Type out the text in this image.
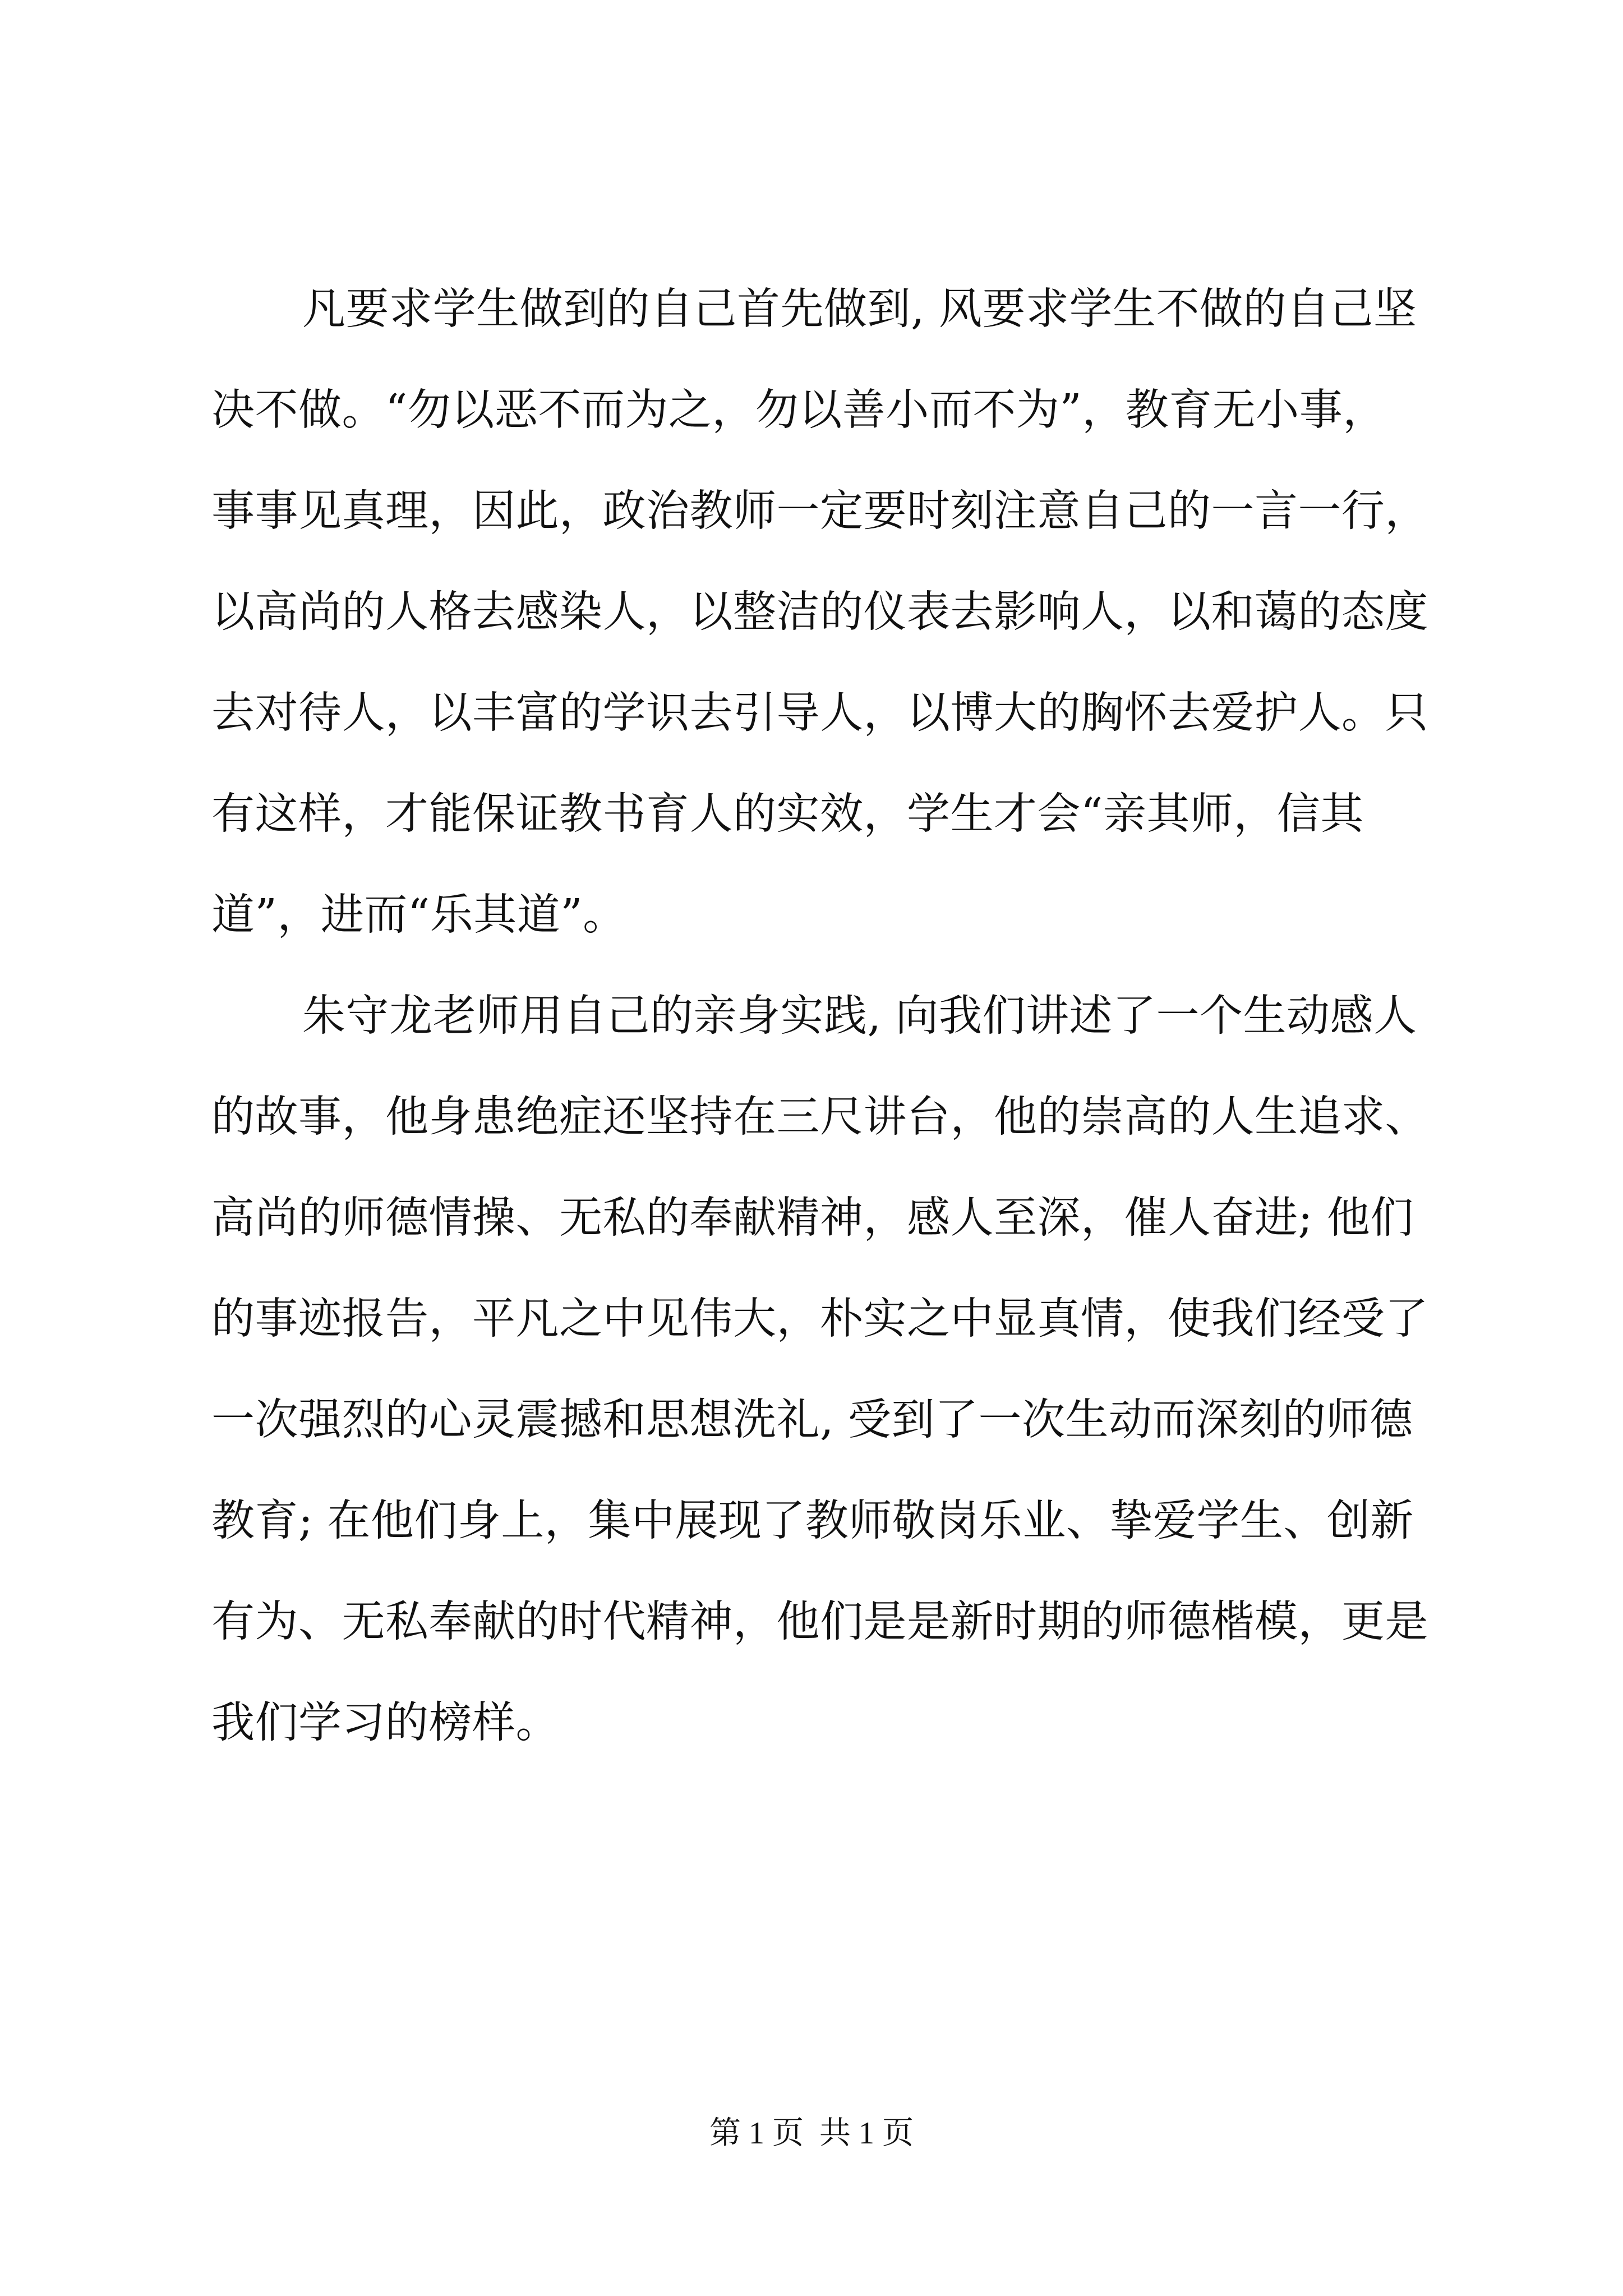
凡要求学生做到的自己首先做到, 风要求学生不做的自己坚
决不做。“勿以恶不而为之，勿以善小而不为”，教育无小事，
事事见真理，因此，政治教师一定要时刻注意自己的一言一行，
以高尚的人格去感染人，以整洁的仪表去影响人，以和蔼的态度
去对待人，以丰富的学识去引导人，以博大的胸怀去爱护人。只
有这样，才能保证教书育人的实效，学生才会“亲其师，信其
道”，进而“乐其道”。
朱守龙老师用自己的亲身实践, 向我们讲述了一个生动感人
的故事，他身患绝症还坚持在三尺讲台，他的崇高的人生追求、
高尚的师德情操、无私的奉献精神，感人至深，催人奋进; 他们
的事迹报告，平凡之中见伟大，朴实之中显真情，使我们经受了
一次强烈的心灵震撼和思想洗礼, 受到了一次生动而深刻的师德
教育; 在他们身上，集中展现了教师敬岗乐业、挚爱学生、创新
有为、无私奉献的时代精神，他们是是新时期的师德楷模，更是
我们学习的榜样。
第 1 页  共 1 页
